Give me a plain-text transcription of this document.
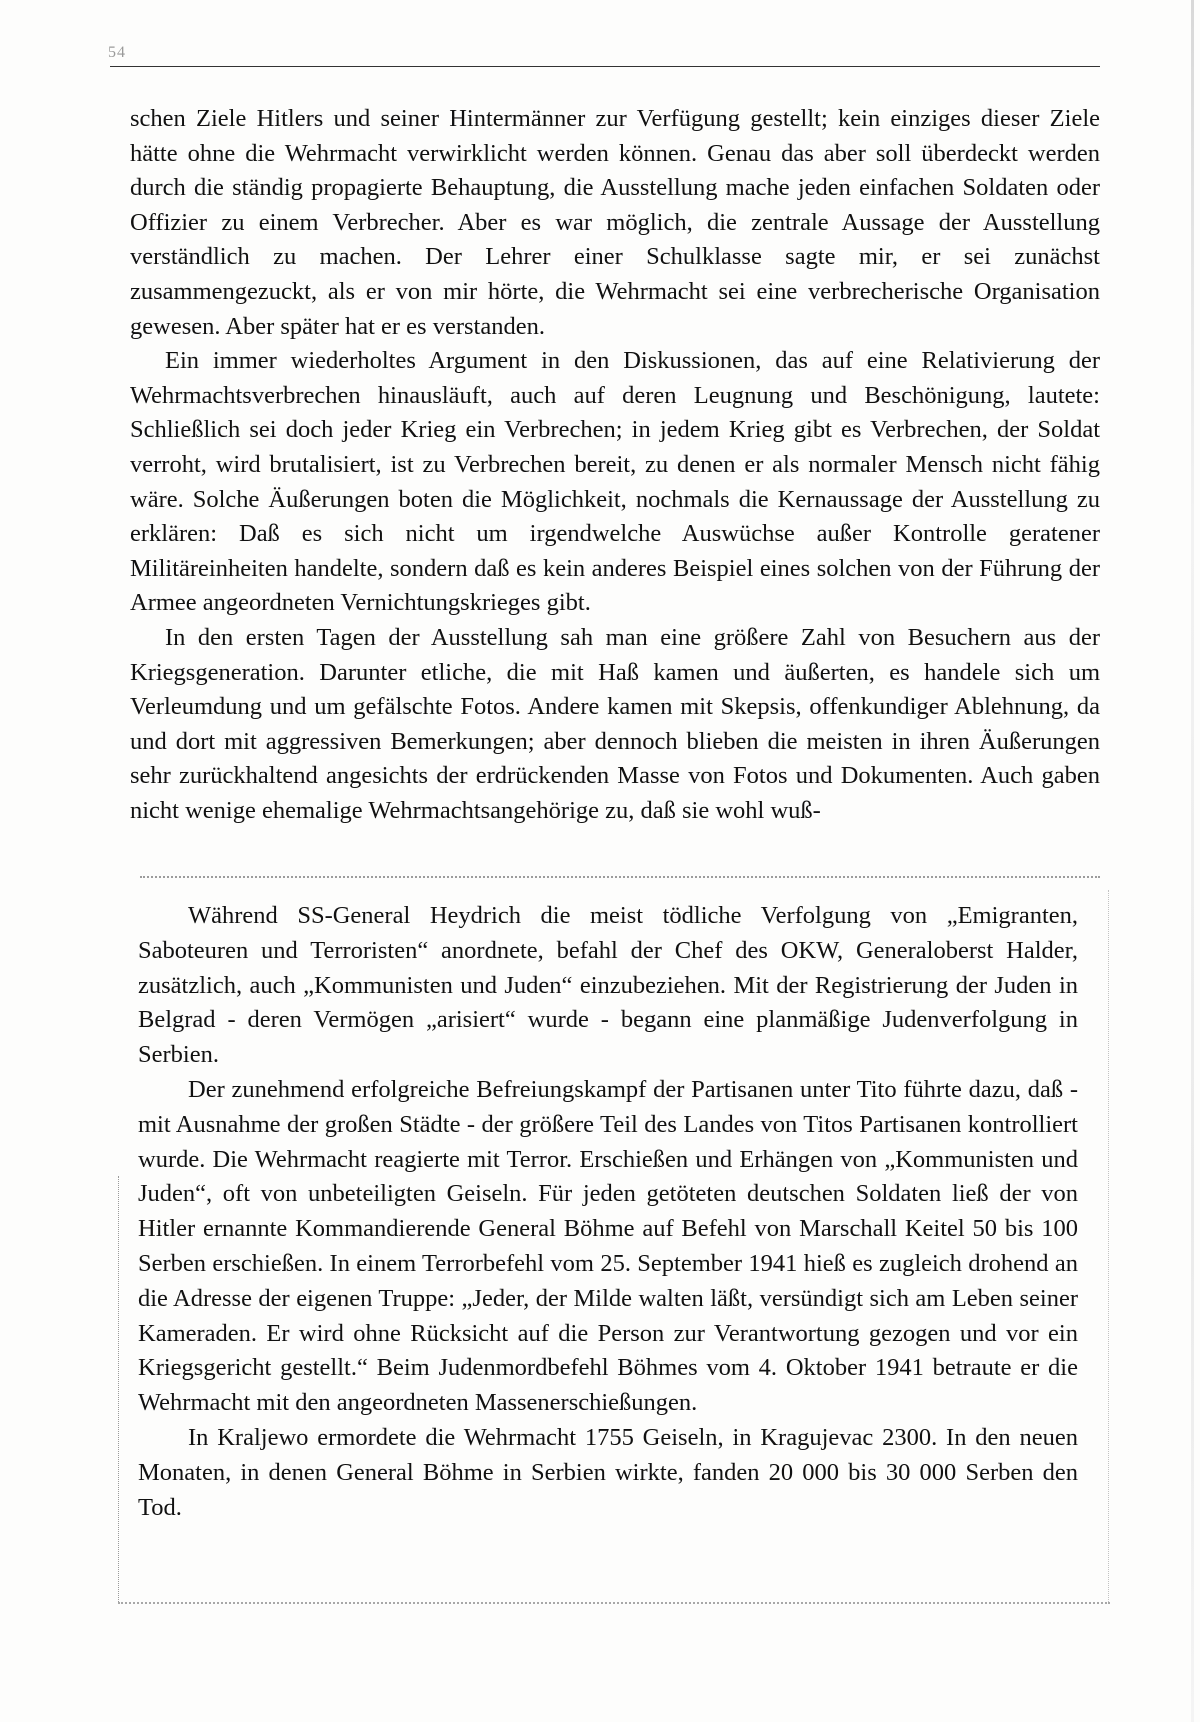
54

schen Ziele Hitlers und seiner Hintermänner zur Verfügung gestellt; kein einziges dieser Ziele hätte ohne die Wehrmacht verwirklicht werden können. Genau das aber soll überdeckt werden durch die ständig propagierte Behauptung, die Ausstellung mache jeden einfachen Soldaten oder Offizier zu einem Verbrecher. Aber es war möglich, die zentrale Aussage der Ausstellung verständlich zu machen. Der Lehrer einer Schulklasse sagte mir, er sei zunächst zusammengezuckt, als er von mir hörte, die Wehrmacht sei eine verbrecherische Organisation gewesen. Aber später hat er es verstanden.

Ein immer wiederholtes Argument in den Diskussionen, das auf eine Relativierung der Wehrmachtsverbrechen hinausläuft, auch auf deren Leugnung und Beschönigung, lautete: Schließlich sei doch jeder Krieg ein Verbrechen; in jedem Krieg gibt es Verbrechen, der Soldat verroht, wird brutalisiert, ist zu Verbrechen bereit, zu denen er als normaler Mensch nicht fähig wäre. Solche Äußerungen boten die Möglichkeit, nochmals die Kernaussage der Ausstellung zu erklären: Daß es sich nicht um irgendwelche Auswüchse außer Kontrolle geratener Militäreinheiten handelte, sondern daß es kein anderes Beispiel eines solchen von der Führung der Armee angeordneten Vernichtungskrieges gibt.

In den ersten Tagen der Ausstellung sah man eine größere Zahl von Besuchern aus der Kriegsgeneration. Darunter etliche, die mit Haß kamen und äußerten, es handele sich um Verleumdung und um gefälschte Fotos. Andere kamen mit Skepsis, offenkundiger Ablehnung, da und dort mit aggressiven Bemerkungen; aber dennoch blieben die meisten in ihren Äußerungen sehr zurückhaltend angesichts der erdrückenden Masse von Fotos und Dokumenten. Auch gaben nicht wenige ehemalige Wehrmachtsangehörige zu, daß sie wohl wuß-

Während SS-General Heydrich die meist tödliche Verfolgung von „Emigranten, Saboteuren und Terroristen“ anordnete, befahl der Chef des OKW, Generaloberst Halder, zusätzlich, auch „Kommunisten und Juden“ einzubeziehen. Mit der Registrierung der Juden in Belgrad - deren Vermögen „arisiert“ wurde - begann eine planmäßige Judenverfolgung in Serbien.

Der zunehmend erfolgreiche Befreiungskampf der Partisanen unter Tito führte dazu, daß - mit Ausnahme der großen Städte - der größere Teil des Landes von Titos Partisanen kontrolliert wurde. Die Wehrmacht reagierte mit Terror. Erschießen und Erhängen von „Kommunisten und Juden“, oft von unbeteiligten Geiseln. Für jeden getöteten deutschen Soldaten ließ der von Hitler ernannte Kommandierende General Böhme auf Befehl von Marschall Keitel 50 bis 100 Serben erschießen. In einem Terrorbefehl vom 25. September 1941 hieß es zugleich drohend an die Adresse der eigenen Truppe: „Jeder, der Milde walten läßt, versündigt sich am Leben seiner Kameraden. Er wird ohne Rücksicht auf die Person zur Verantwortung gezogen und vor ein Kriegsgericht gestellt.“ Beim Judenmordbefehl Böhmes vom 4. Oktober 1941 betraute er die Wehrmacht mit den angeordneten Massenerschießungen.

In Kraljewo ermordete die Wehrmacht 1755 Geiseln, in Kragujevac 2300. In den neuen Monaten, in denen General Böhme in Serbien wirkte, fanden 20 000 bis 30 000 Serben den Tod.
